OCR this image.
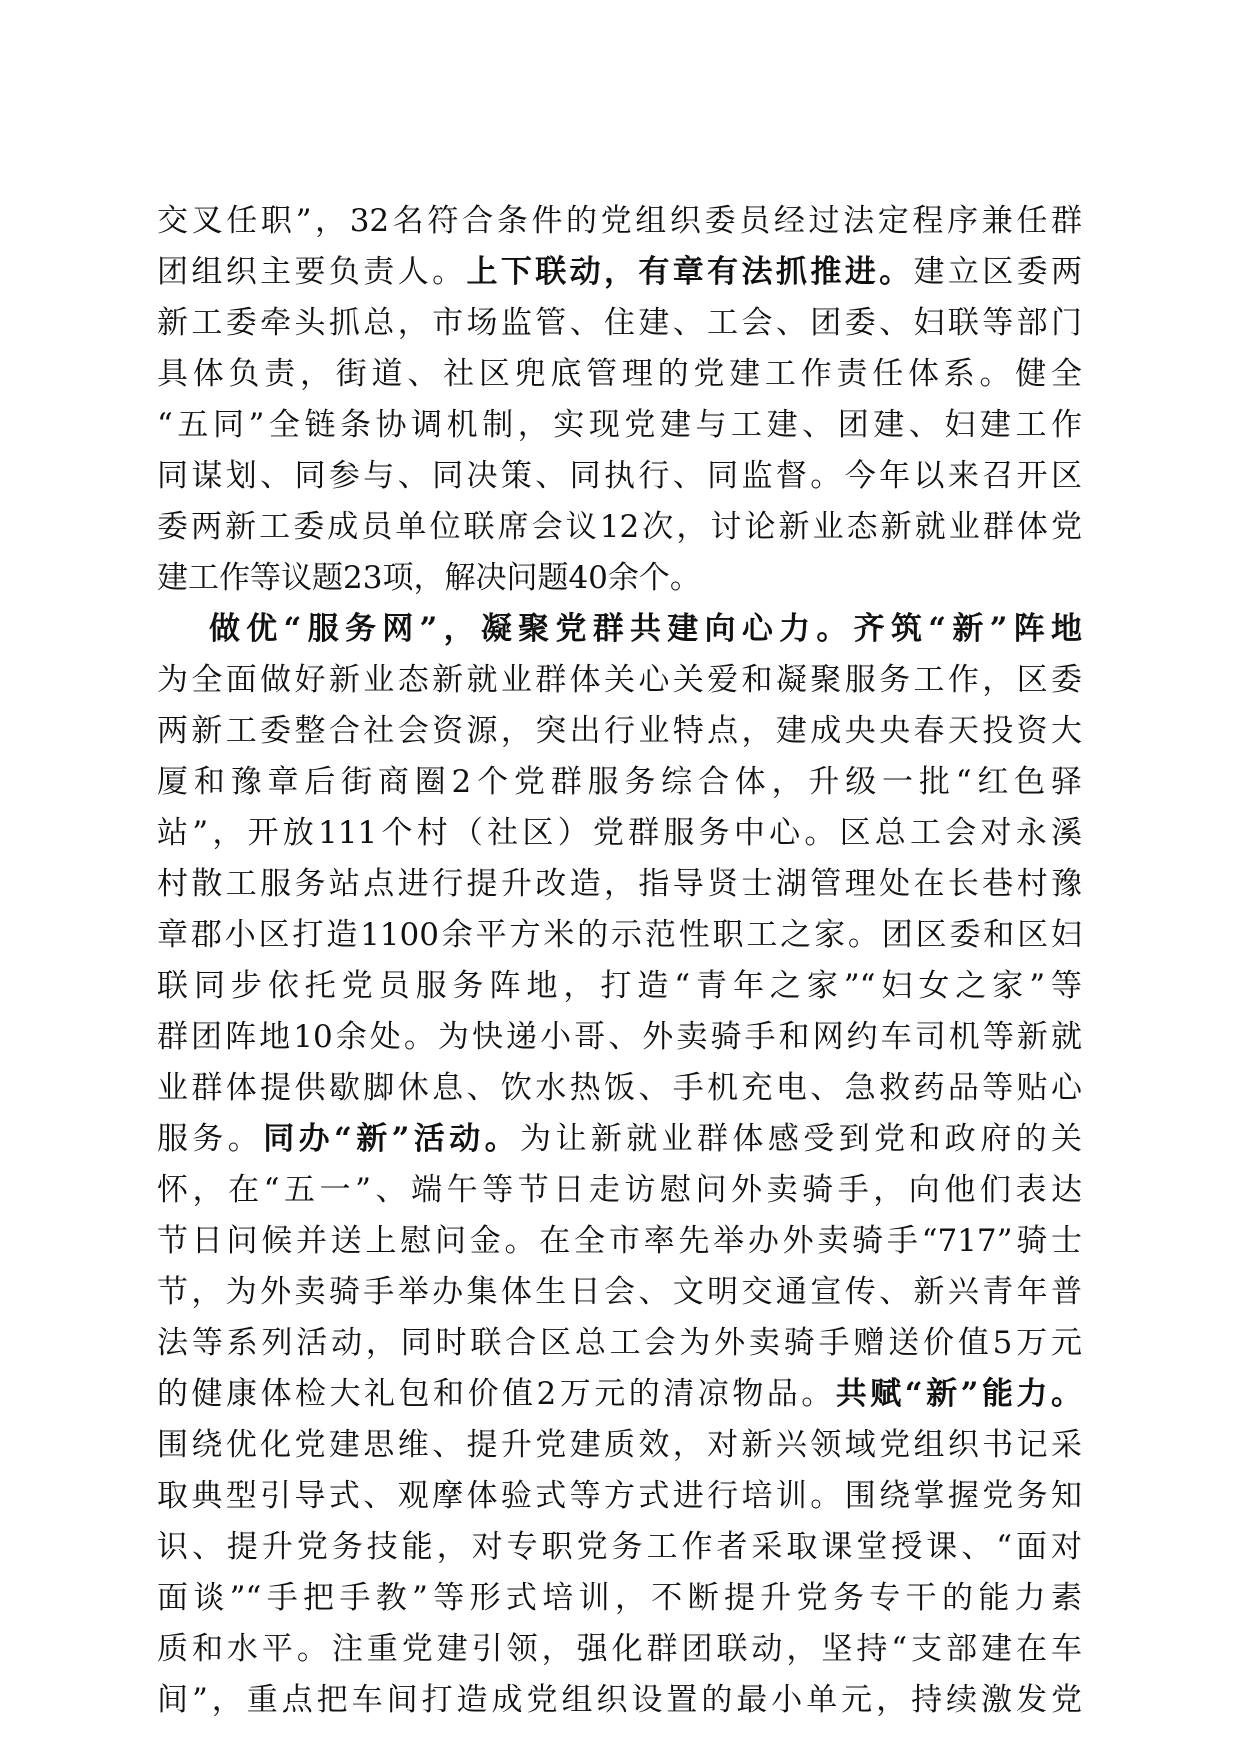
交叉任职”，32名符合条件的党组织委员经过法定程序兼任群
团组织主要负责人。上下联动，有章有法抓推进。建立区委两
新工委牵头抓总，市场监管、住建、工会、团委、妇联等部门
具体负责，街道、社区兜底管理的党建工作责任体系。健全
“五同”全链条协调机制，实现党建与工建、团建、妇建工作
同谋划、同参与、同决策、同执行、同监督。今年以来召开区
委两新工委成员单位联席会议12次，讨论新业态新就业群体党
建工作等议题23项，解决问题40余个。
做优“服务网”，凝聚党群共建向心力。齐筑“新”阵地
为全面做好新业态新就业群体关心关爱和凝聚服务工作，区委
两新工委整合社会资源，突出行业特点，建成央央春天投资大
厦和豫章后街商圈2个党群服务综合体，升级一批“红色驿
站”，开放111个村（社区）党群服务中心。区总工会对永溪
村散工服务站点进行提升改造，指导贤士湖管理处在长巷村豫
章郡小区打造1100余平方米的示范性职工之家。团区委和区妇
联同步依托党员服务阵地，打造“青年之家”“妇女之家”等
群团阵地10余处。为快递小哥、外卖骑手和网约车司机等新就
业群体提供歇脚休息、饮水热饭、手机充电、急救药品等贴心
服务。同办“新”活动。为让新就业群体感受到党和政府的关
怀，在“五一”、端午等节日走访慰问外卖骑手，向他们表达
节日问候并送上慰问金。在全市率先举办外卖骑手“717”骑士
节，为外卖骑手举办集体生日会、文明交通宣传、新兴青年普
法等系列活动，同时联合区总工会为外卖骑手赠送价值5万元
的健康体检大礼包和价值2万元的清凉物品。共赋“新”能力。
围绕优化党建思维、提升党建质效，对新兴领域党组织书记采
取典型引导式、观摩体验式等方式进行培训。围绕掌握党务知
识、提升党务技能，对专职党务工作者采取课堂授课、“面对
面谈”“手把手教”等形式培训，不断提升党务专干的能力素
质和水平。注重党建引领，强化群团联动，坚持“支部建在车
间”，重点把车间打造成党组织设置的最小单元，持续激发党
